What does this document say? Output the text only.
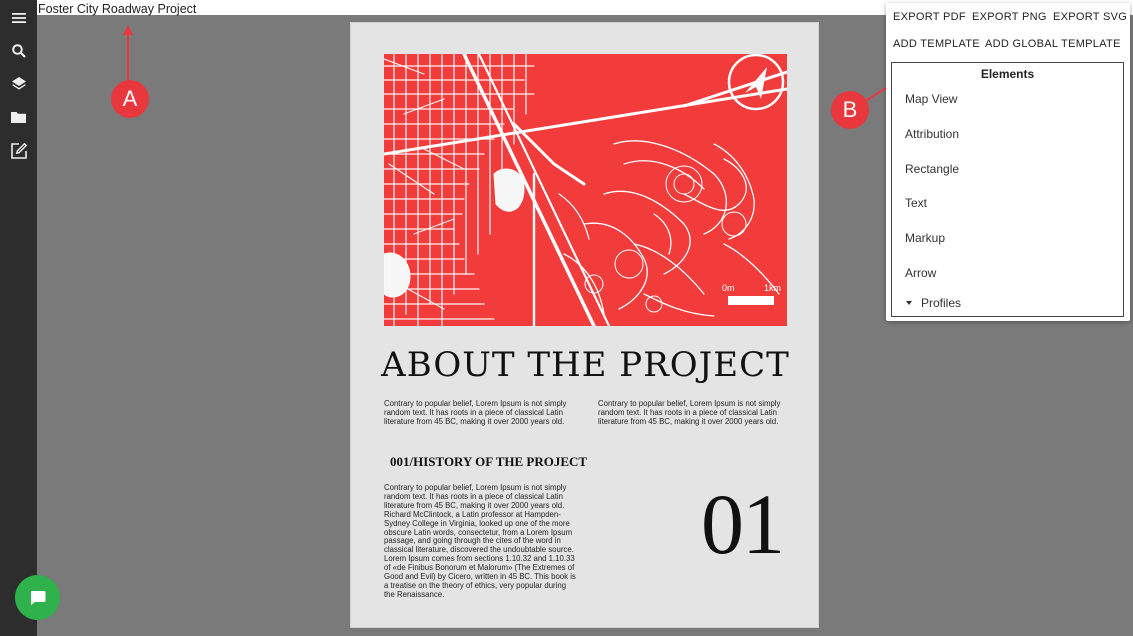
Foster City Roadway Project
0m	1km
ABOUT THE PROJECT
Contrary to popular belief, Lorem Ipsum is not simply random text. It has roots in a piece of classical Latin literature from 45 BC, making it over 2000 years old.
Contrary to popular belief, Lorem Ipsum is not simply random text. It has roots in a piece of classical Latin literature from 45 BC, making it over 2000 years old.
001/HISTORY OF THE PROJECT
Contrary to popular belief, Lorem Ipsum is not simply random text. It has roots in a piece of classical Latin literature from 45 BC, making it over 2000 years old. Richard McClintock, a Latin professor at Hampden-Sydney College in Virginia, looked up one of the more obscure Latin words, consectetur, from a Lorem Ipsum passage, and going through the cites of the word in classical literature, discovered the undoubtable source. Lorem Ipsum comes from sections 1.10.32 and 1.10.33 of «de Finibus Bonorum et Malorum» (The Extremes of Good and Evil) by Cicero, written in 45 BC. This book is a treatise on the theory of ethics, very popular during the Renaissance.
01
A	B
EXPORT PDF EXPORT PNG EXPORT SVG
ADD TEMPLATE ADD GLOBAL TEMPLATE
Elements
Map View
Attribution
Rectangle
Text
Markup
Arrow
Profiles
